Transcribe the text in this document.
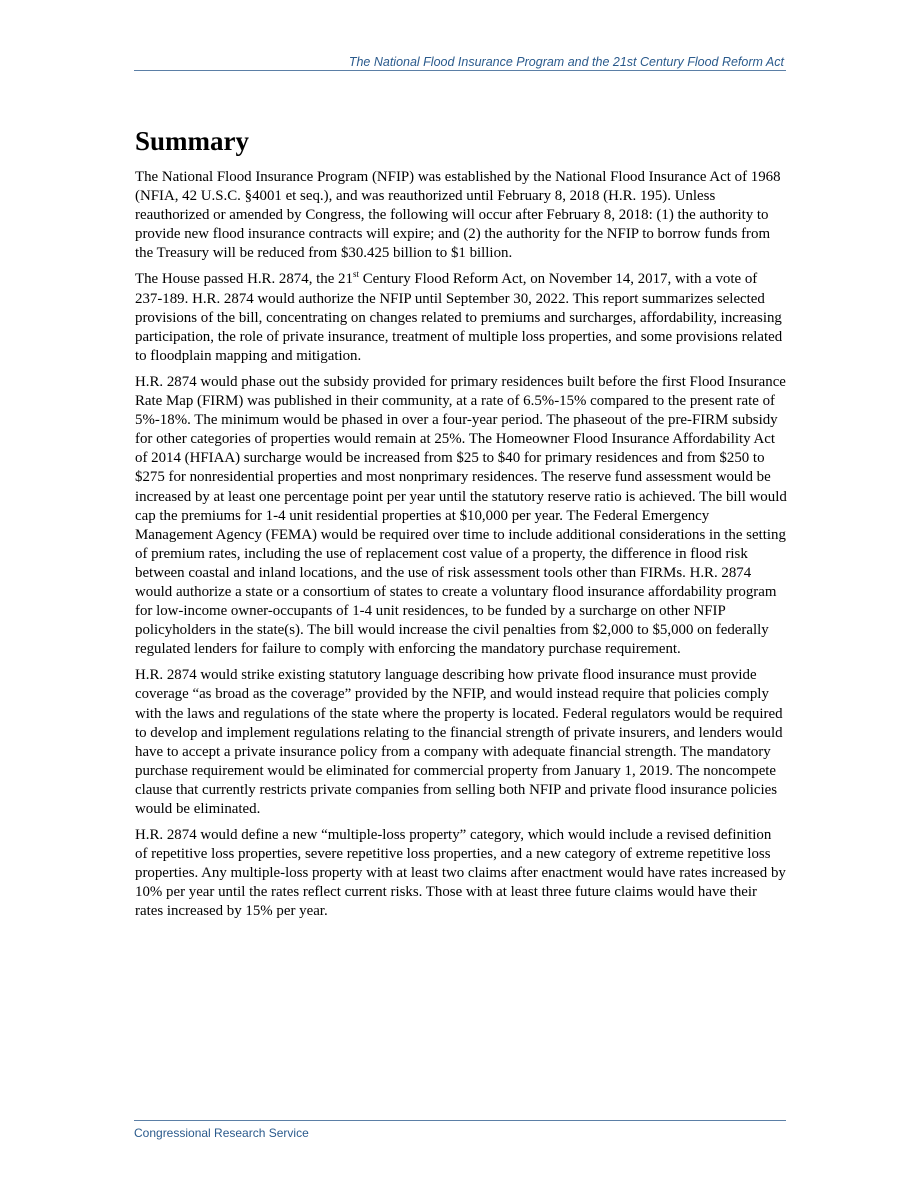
The National Flood Insurance Program and the 21st Century Flood Reform Act
Summary

The National Flood Insurance Program (NFIP) was established by the National Flood Insurance Act of 1968 (NFIA, 42 U.S.C. §4001 et seq.), and was reauthorized until February 8, 2018 (H.R. 195). Unless reauthorized or amended by Congress, the following will occur after February 8, 2018: (1) the authority to provide new flood insurance contracts will expire; and (2) the authority for the NFIP to borrow funds from the Treasury will be reduced from $30.425 billion to $1 billion.

The House passed H.R. 2874, the 21st Century Flood Reform Act, on November 14, 2017, with a vote of 237-189. H.R. 2874 would authorize the NFIP until September 30, 2022. This report summarizes selected provisions of the bill, concentrating on changes related to premiums and surcharges, affordability, increasing participation, the role of private insurance, treatment of multiple loss properties, and some provisions related to floodplain mapping and mitigation.

H.R. 2874 would phase out the subsidy provided for primary residences built before the first Flood Insurance Rate Map (FIRM) was published in their community, at a rate of 6.5%-15% compared to the present rate of 5%-18%. The minimum would be phased in over a four-year period. The phaseout of the pre-FIRM subsidy for other categories of properties would remain at 25%. The Homeowner Flood Insurance Affordability Act of 2014 (HFIAA) surcharge would be increased from $25 to $40 for primary residences and from $250 to $275 for nonresidential properties and most nonprimary residences. The reserve fund assessment would be increased by at least one percentage point per year until the statutory reserve ratio is achieved. The bill would cap the premiums for 1-4 unit residential properties at $10,000 per year. The Federal Emergency Management Agency (FEMA) would be required over time to include additional considerations in the setting of premium rates, including the use of replacement cost value of a property, the difference in flood risk between coastal and inland locations, and the use of risk assessment tools other than FIRMs. H.R. 2874 would authorize a state or a consortium of states to create a voluntary flood insurance affordability program for low-income owner-occupants of 1-4 unit residences, to be funded by a surcharge on other NFIP policyholders in the state(s). The bill would increase the civil penalties from $2,000 to $5,000 on federally regulated lenders for failure to comply with enforcing the mandatory purchase requirement.

H.R. 2874 would strike existing statutory language describing how private flood insurance must provide coverage “as broad as the coverage” provided by the NFIP, and would instead require that policies comply with the laws and regulations of the state where the property is located. Federal regulators would be required to develop and implement regulations relating to the financial strength of private insurers, and lenders would have to accept a private insurance policy from a company with adequate financial strength. The mandatory purchase requirement would be eliminated for commercial property from January 1, 2019. The noncompete clause that currently restricts private companies from selling both NFIP and private flood insurance policies would be eliminated.

H.R. 2874 would define a new “multiple-loss property” category, which would include a revised definition of repetitive loss properties, severe repetitive loss properties, and a new category of extreme repetitive loss properties. Any multiple-loss property with at least two claims after enactment would have rates increased by 10% per year until the rates reflect current risks. Those with at least three future claims would have their rates increased by 15% per year.

Congressional Research Service
